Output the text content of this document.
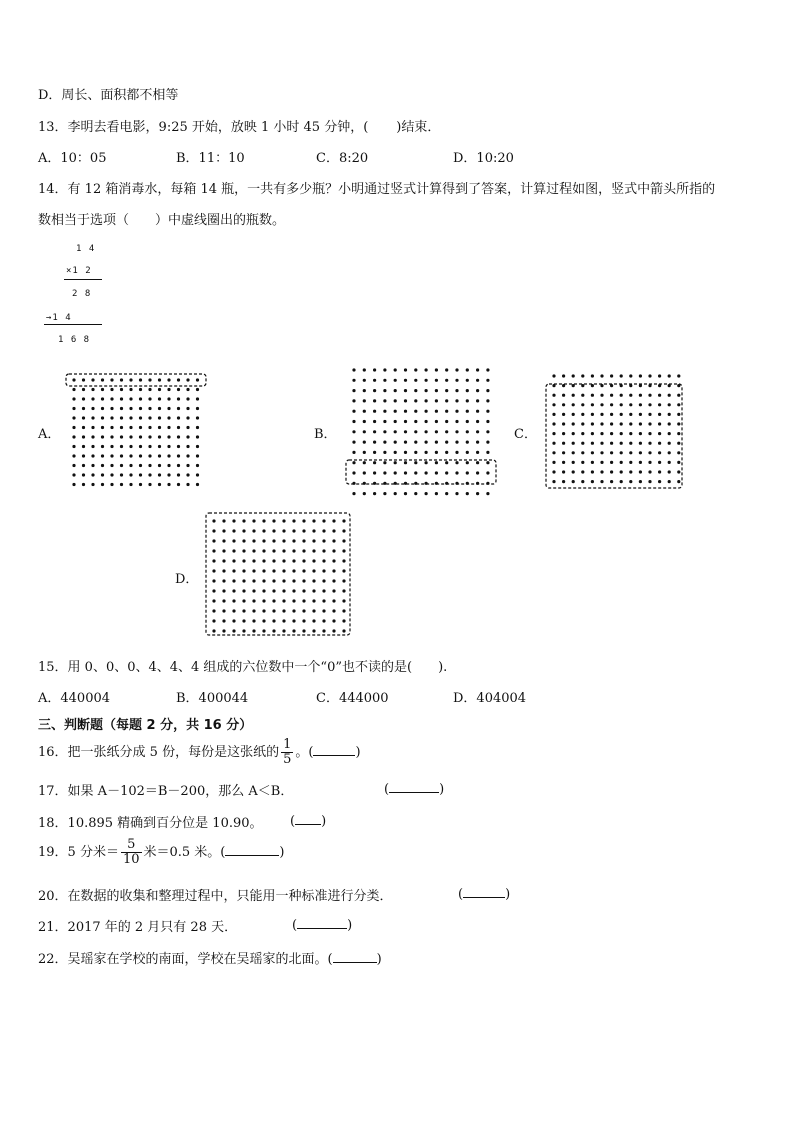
D．周长、面积都不相等
13．李明去看电影，9:25 开始，放映 1 小时 45 分钟，( )结束．
A．10：05	B．11：10	C．8:20	D．10:20
14．有 12 箱消毒水，每箱 14 瓶，一共有多少瓶？小明通过竖式计算得到了答案，计算过程如图，竖式中箭头所指的
数相当于选项（　　）中虚线圈出的瓶数。
1 4
×1 2
2 8
→1 4
1 6 8
A．	B．	C．
D．
15．用 0、0、0、4、4、4 组成的六位数中一个“0”也不读的是(　　).
A．440004	B．400044	C．444000	D．404004
三、判断题（每题 2 分，共 16 分）
16．把一张纸分成 5 份，每份是这张纸的 $\frac{1}{5}$ 。(	)
17．如果 A－102＝B－200，那么 A＜B．	(	)
18．10.895 精确到百分位是 10.90。 ( )
19．5 分米＝ $\frac{5}{10}$ 米＝0.5 米。(	)
20．在数据的收集和整理过程中，只能用一种标准进行分类．	(	)
21．2017 年的 2 月只有 28 天．	(	)
22．吴瑶家在学校的南面，学校在吴瑶家的北面。(	)
